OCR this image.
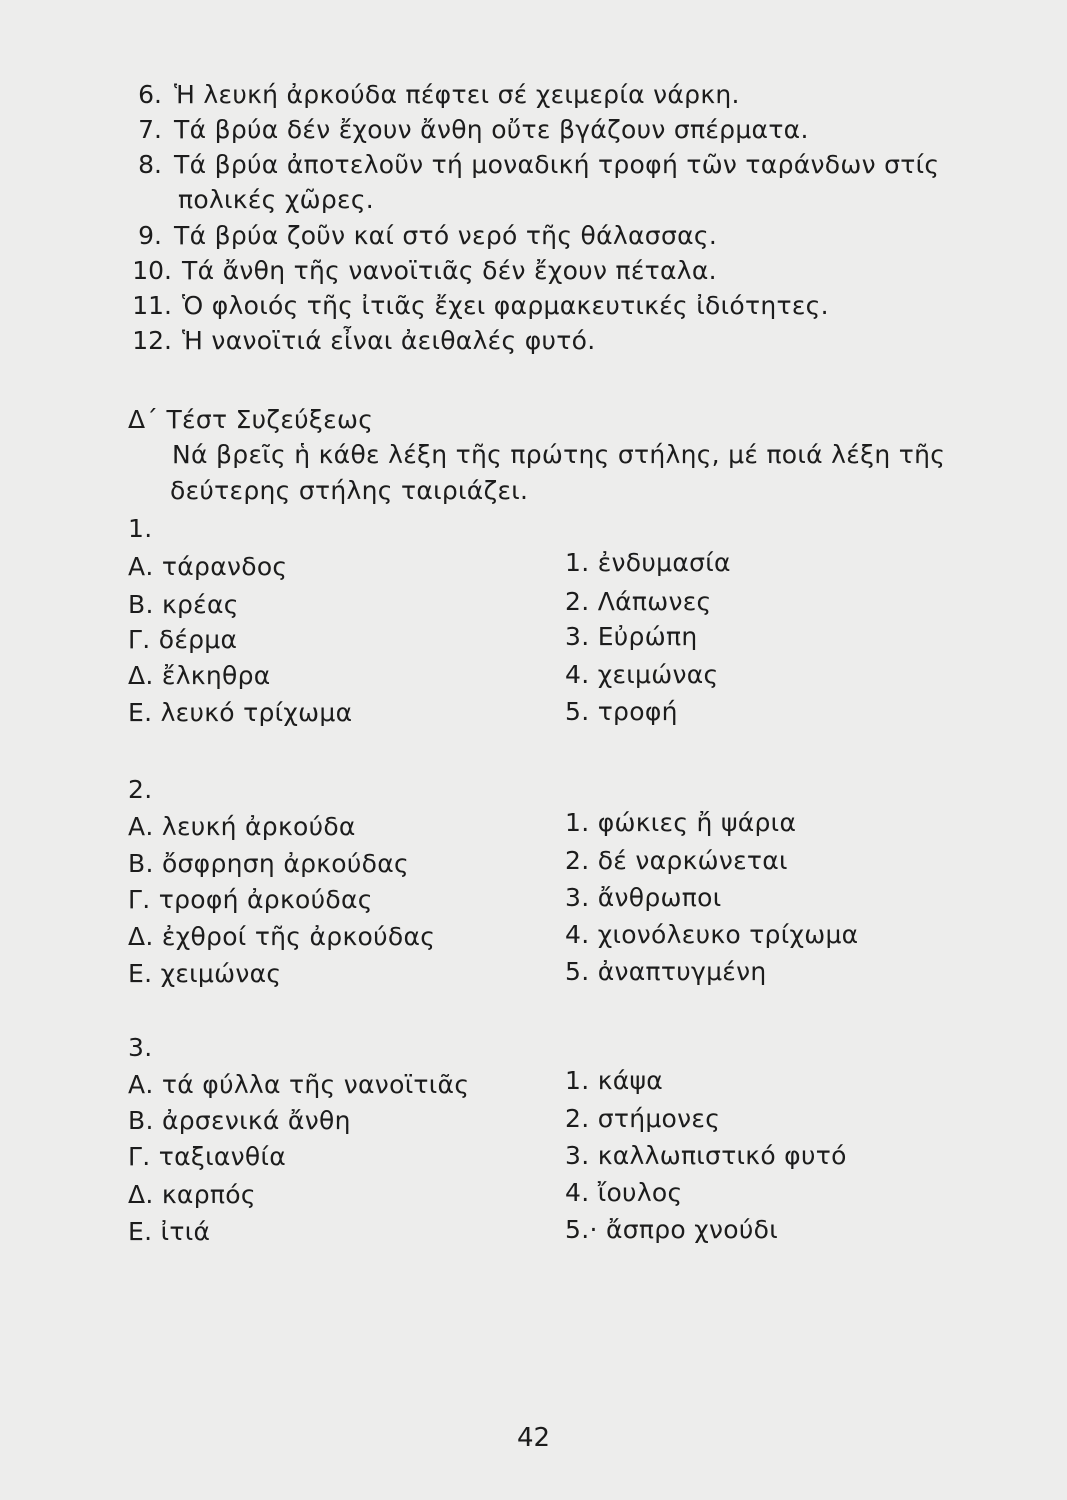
6. Ἡ λευκή ἀρκούδα πέφτει σέ χειμερία νάρκη.
7. Τά βρύα δέν ἔχουν ἄνθη οὔτε βγάζουν σπέρματα.
8. Τά βρύα ἀποτελοῦν τή μοναδική τροφή τῶν ταράνδων στίς
πολικές χῶρες.
9. Τά βρύα ζοῦν καί στό νερό τῆς θάλασσας.
10. Τά ἄνθη τῆς νανοϊτιᾶς δέν ἔχουν πέταλα.
11. Ὁ φλοιός τῆς ἰτιᾶς ἔχει φαρμακευτικές ἰδιότητες.
12. Ἡ νανοϊτιά εἶναι ἀειθαλές φυτό.
Δ΄ Τέστ Συζεύξεως
Νά βρεῖς ἡ κάθε λέξη τῆς πρώτης στήλης, μέ ποιά λέξη τῆς
δεύτερης στήλης ταιριάζει.
1.
Α. τάρανδος
Β. κρέας
Γ. δέρμα
Δ. ἔλκηθρα
Ε. λευκό τρίχωμα
1. ἐνδυμασία
2. Λάπωνες
3. Εὐρώπη
4. χειμώνας
5. τροφή
2.
Α. λευκή ἀρκούδα
Β. ὄσφρηση ἀρκούδας
Γ. τροφή ἀρκούδας
Δ. ἐχθροί τῆς ἀρκούδας
Ε. χειμώνας
1. φώκιες ἤ ψάρια
2. δέ ναρκώνεται
3. ἄνθρωποι
4. χιονόλευκο τρίχωμα
5. ἀναπτυγμένη
3.
Α. τά φύλλα τῆς νανοϊτιᾶς
Β. ἀρσενικά ἄνθη
Γ. ταξιανθία
Δ. καρπός
Ε. ἰτιά
1. κάψα
2. στήμονες
3. καλλωπιστικό φυτό
4. ἴουλος
5.· ἄσπρο χνούδι
42
